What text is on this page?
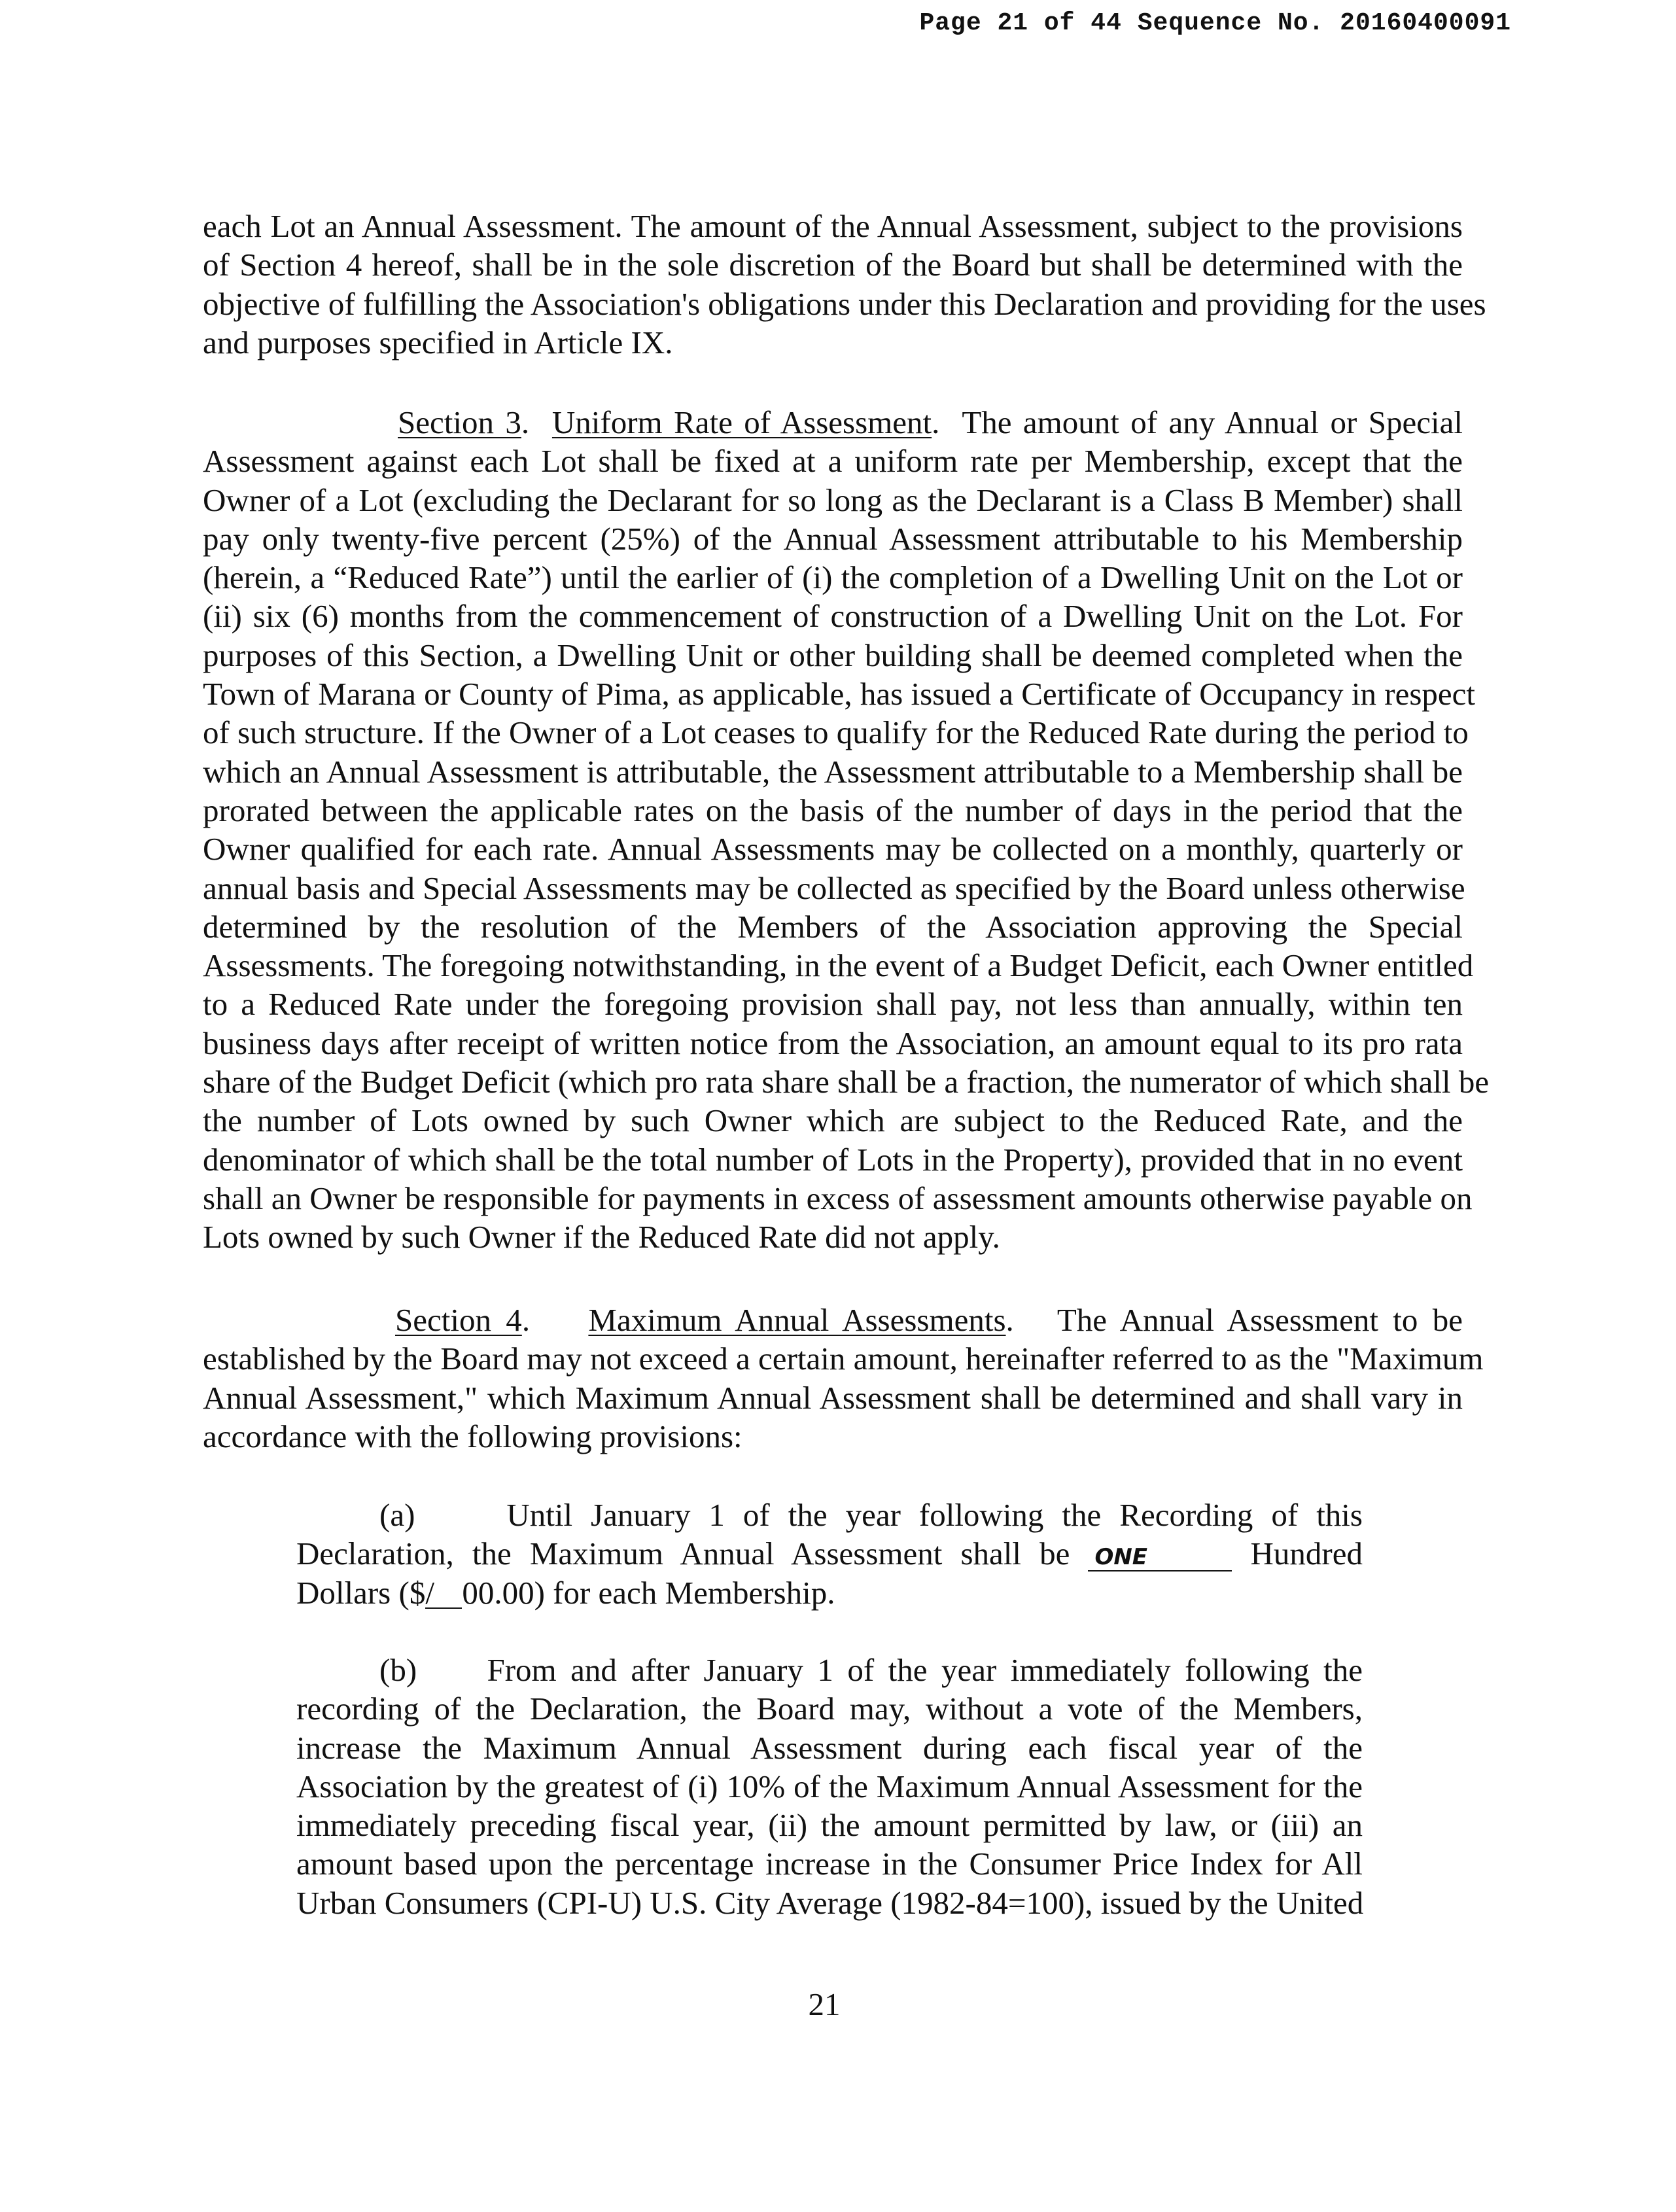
Page 21 of 44 Sequence No. 20160400091
each Lot an Annual Assessment. The amount of the Annual Assessment, subject to the provisions
of Section 4 hereof, shall be in the sole discretion of the Board but shall be determined with the
objective of fulfilling the Association's obligations under this Declaration and providing for the uses
and purposes specified in Article IX.
Section 3.  Uniform Rate of Assessment.  The amount of any Annual or Special
Assessment against each Lot shall be fixed at a uniform rate per Membership, except that the
Owner of a Lot (excluding the Declarant for so long as the Declarant is a Class B Member) shall
pay only twenty-five percent (25%) of the Annual Assessment attributable to his Membership
(herein, a “Reduced Rate”) until the earlier of (i) the completion of a Dwelling Unit on the Lot or
(ii) six (6) months from the commencement of construction of a Dwelling Unit on the Lot. For
purposes of this Section, a Dwelling Unit or other building shall be deemed completed when the
Town of Marana or County of Pima, as applicable, has issued a Certificate of Occupancy in respect
of such structure. If the Owner of a Lot ceases to qualify for the Reduced Rate during the period to
which an Annual Assessment is attributable, the Assessment attributable to a Membership shall be
prorated between the applicable rates on the basis of the number of days in the period that the
Owner qualified for each rate. Annual Assessments may be collected on a monthly, quarterly or
annual basis and Special Assessments may be collected as specified by the Board unless otherwise
determined by the resolution of the Members of the Association approving the Special
Assessments. The foregoing notwithstanding, in the event of a Budget Deficit, each Owner entitled
to a Reduced Rate under the foregoing provision shall pay, not less than annually, within ten
business days after receipt of written notice from the Association, an amount equal to its pro rata
share of the Budget Deficit (which pro rata share shall be a fraction, the numerator of which shall be
the number of Lots owned by such Owner which are subject to the Reduced Rate, and the
denominator of which shall be the total number of Lots in the Property), provided that in no event
shall an Owner be responsible for payments in excess of assessment amounts otherwise payable on
Lots owned by such Owner if the Reduced Rate did not apply.
Section 4.    Maximum Annual Assessments.   The Annual Assessment to be
established by the Board may not exceed a certain amount, hereinafter referred to as the "Maximum
Annual Assessment," which Maximum Annual Assessment shall be determined and shall vary in
accordance with the following provisions:
(a)	Until January 1 of the year following the Recording of this
Declaration, the Maximum Annual Assessment shall be ONE	Hundred
Dollars ($/ 00.00) for each Membership.
(b) From and after January 1 of the year immediately following the
recording of the Declaration, the Board may, without a vote of the Members,
increase the Maximum Annual Assessment during each fiscal year of the
Association by the greatest of (i) 10% of the Maximum Annual Assessment for the
immediately preceding fiscal year, (ii) the amount permitted by law, or (iii) an
amount based upon the percentage increase in the Consumer Price Index for All
Urban Consumers (CPI-U) U.S. City Average (1982-84=100), issued by the United
21
